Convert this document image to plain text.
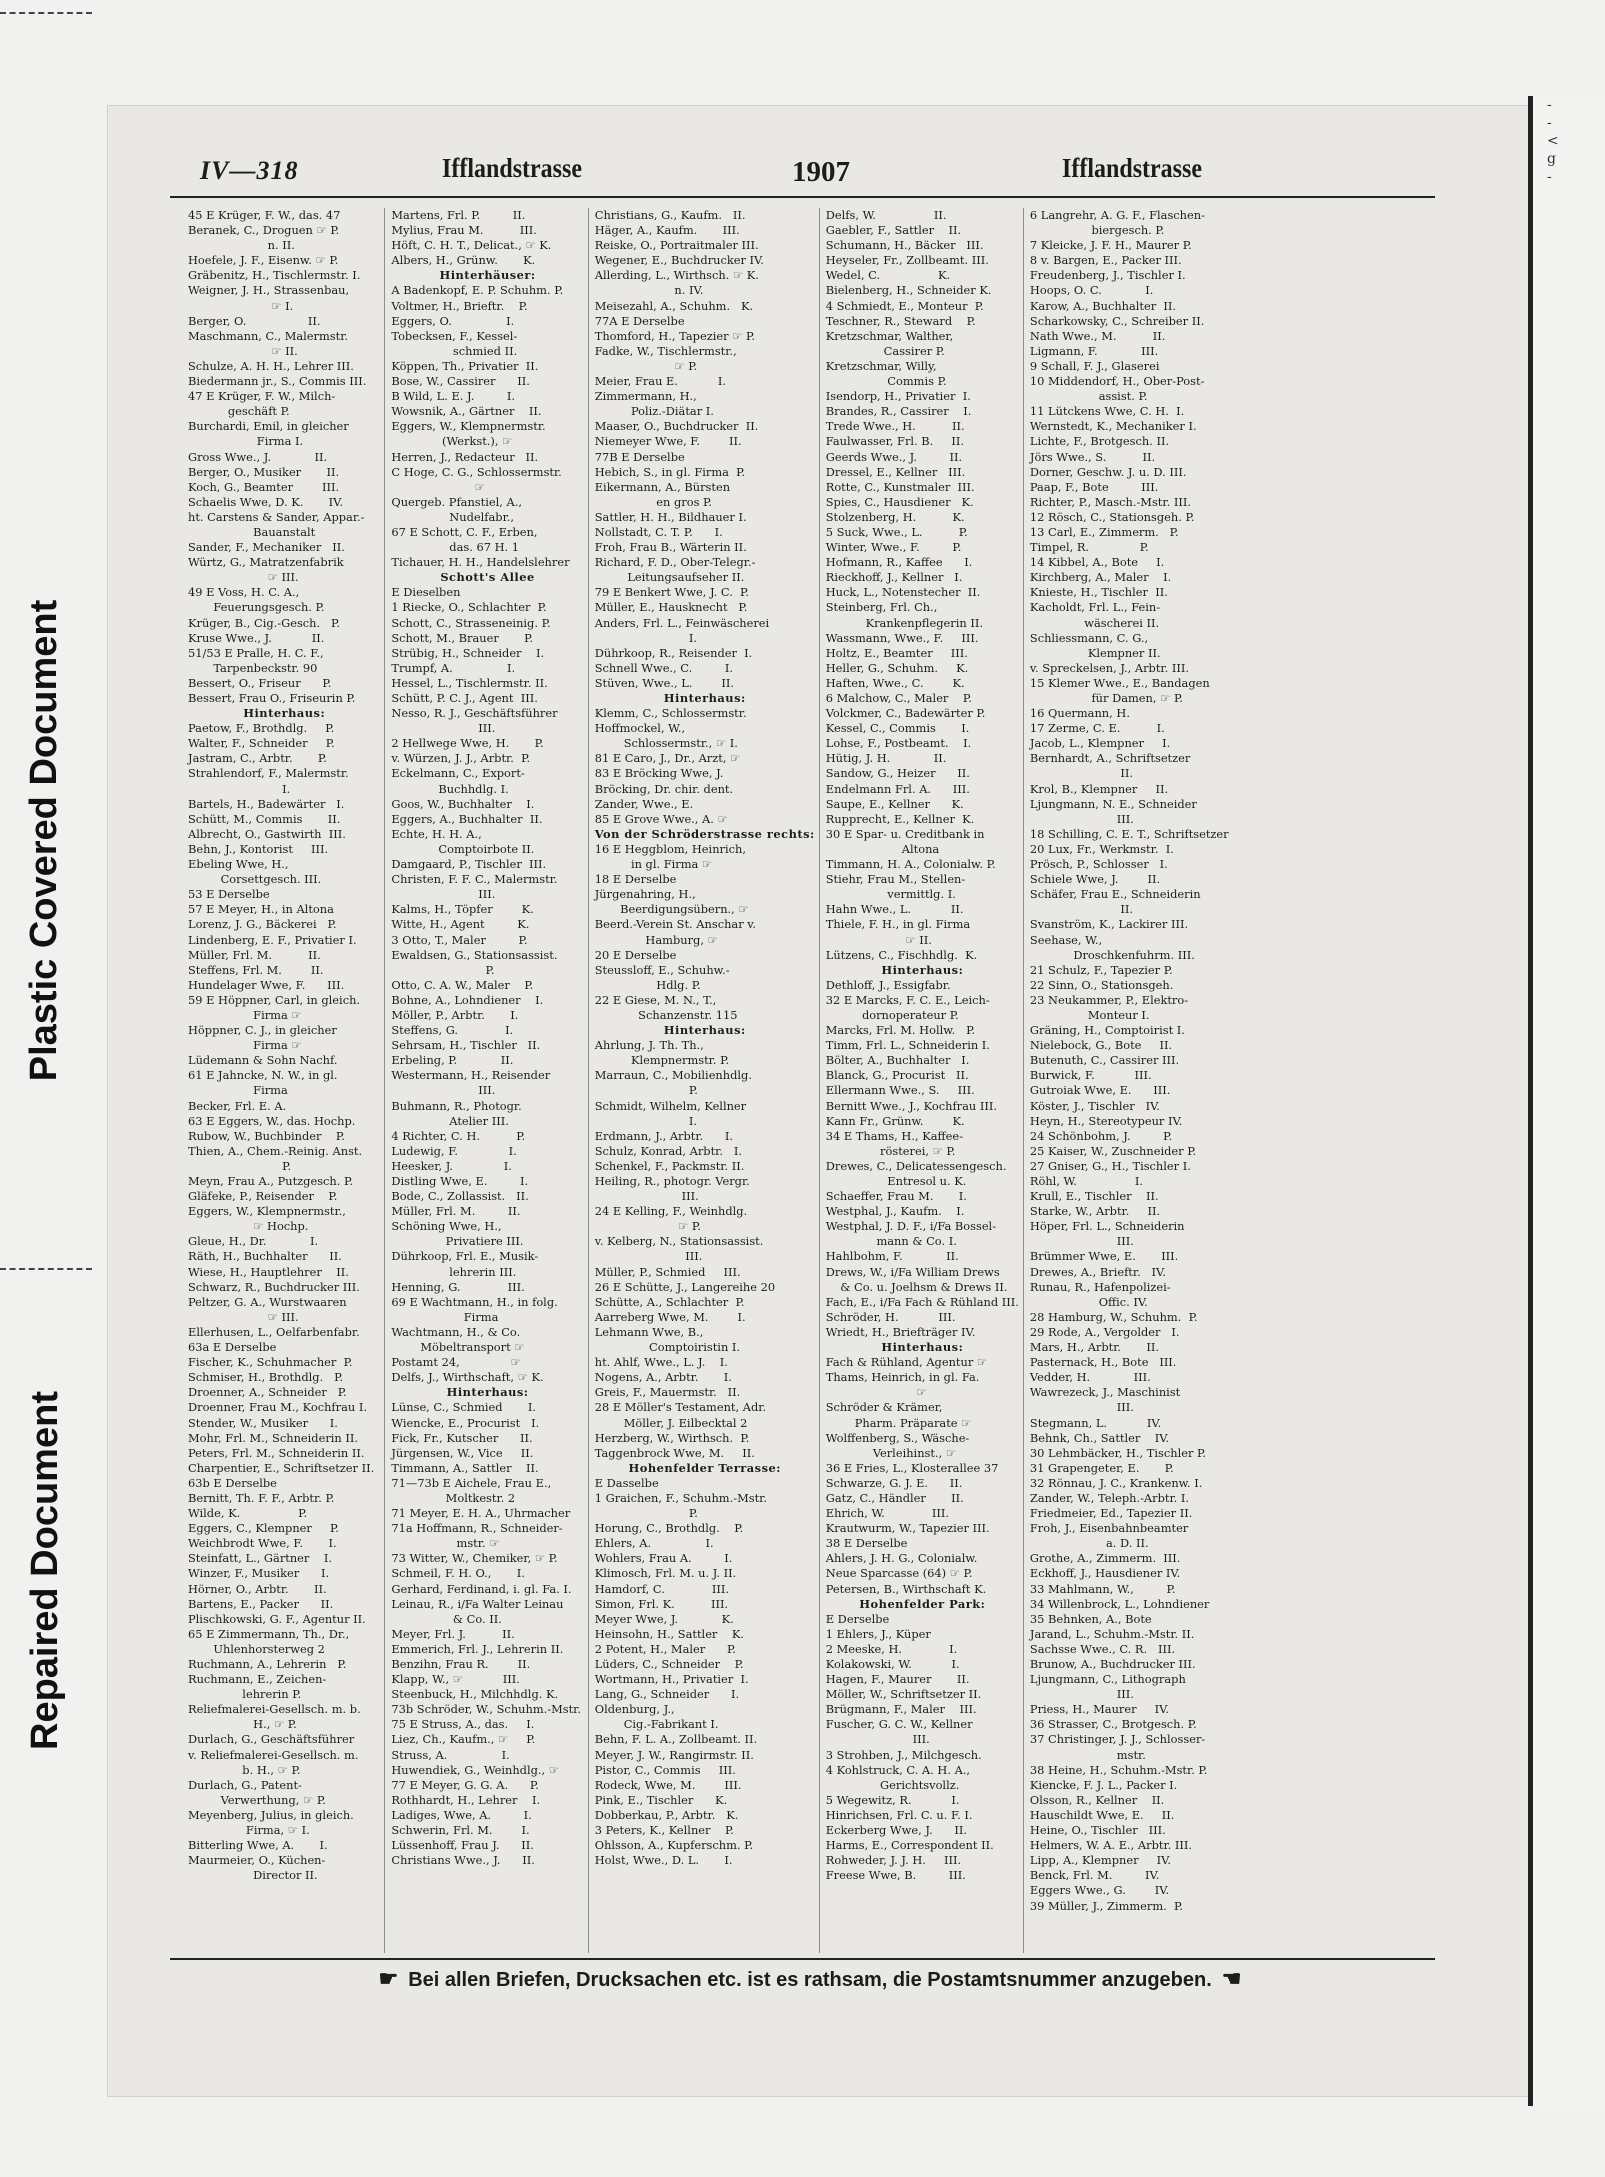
Plastic Covered Document
Repaired Document
-
-
<
g
-
IV—318	Ifflandstrasse	1907	Ifflandstrasse
45 E Krüger, F. W., das. 47
Beranek, C., Droguen ☞ P.
n. II.
Hoefele, J. F., Eisenw. ☞ P.
Gräbenitz, H., Tischlermstr. I.
Weigner, J. H., Strassenbau,
☞ I.
Berger, O.                 II.
Maschmann, C., Malermstr.
☞ II.
Schulze, A. H. H., Lehrer III.
Biedermann jr., S., Commis III.
47 E Krüger, F. W., Milch-
geschäft P.
Burchardi, Emil, in gleicher
Firma I.
Gross Wwe., J.            II.
Berger, O., Musiker       II.
Koch, G., Beamter        III.
Schaelis Wwe, D. K.       IV.
ht. Carstens & Sander, Appar.-
Bauanstalt
Sander, F., Mechaniker   II.
Würtz, G., Matratzenfabrik
☞ III.
49 E Voss, H. C. A.,
Feuerungsgesch. P.
Krüger, B., Cig.-Gesch.   P.
Kruse Wwe., J.           II.
51/53 E Pralle, H. C. F.,
Tarpenbeckstr. 90
Bessert, O., Friseur      P.
Bessert, Frau O., Friseurin P.
Hinterhaus:
Paetow, F., Brothdlg.     P.
Walter, F., Schneider     P.
Jastram, C., Arbtr.       P.
Strahlendorf, F., Malermstr.
I.
Bartels, H., Badewärter   I.
Schütt, M., Commis       II.
Albrecht, O., Gastwirth  III.
Behn, J., Kontorist     III.
Ebeling Wwe, H.,
Corsettgesch. III.
53 E Derselbe
57 E Meyer, H., in Altona
Lorenz, J. G., Bäckerei   P.
Lindenberg, E. F., Privatier I.
Müller, Frl. M.          II.
Steffens, Frl. M.        II.
Hundelager Wwe, F.      III.
59 E Höppner, Carl, in gleich.
Firma ☞
Höppner, C. J., in gleicher
Firma ☞
Lüdemann & Sohn Nachf.
61 E Jahncke, N. W., in gl.
Firma
Becker, Frl. E. A.
63 E Eggers, W., das. Hochp.
Rubow, W., Buchbinder    P.
Thien, A., Chem.-Reinig. Anst.
P.
Meyn, Frau A., Putzgesch. P.
Gläfeke, P., Reisender    P.
Eggers, W., Klempnermstr.,
☞ Hochp.
Gleue, H., Dr.            I.
Räth, H., Buchhalter      II.
Wiese, H., Hauptlehrer    II.
Schwarz, R., Buchdrucker III.
Peltzer, G. A., Wurstwaaren
☞ III.
Ellerhusen, L., Oelfarbenfabr.
63a E Derselbe
Fischer, K., Schuhmacher  P.
Schmiser, H., Brothdlg.   P.
Droenner, A., Schneider   P.
Droenner, Frau M., Kochfrau I.
Stender, W., Musiker      I.
Mohr, Frl. M., Schneiderin II.
Peters, Frl. M., Schneiderin II.
Charpentier, E., Schriftsetzer II.
63b E Derselbe
Bernitt, Th. F. F., Arbtr. P.
Wilde, K.                P.
Eggers, C., Klempner     P.
Weichbrodt Wwe, F.       I.
Steinfatt, L., Gärtner    I.
Winzer, F., Musiker      I.
Hörner, O., Arbtr.       II.
Bartens, E., Packer      II.
Plischkowski, G. F., Agentur II.
65 E Zimmermann, Th., Dr.,
Uhlenhorsterweg 2
Ruchmann, A., Lehrerin   P.
Ruchmann, E., Zeichen-
lehrerin P.
Reliefmalerei-Gesellsch. m. b.
H., ☞ P.
Durlach, G., Geschäftsführer
v. Reliefmalerei-Gesellsch. m.
b. H., ☞ P.
Durlach, G., Patent-
Verwerthung, ☞ P.
Meyenberg, Julius, in gleich.
Firma, ☞ I.
Bitterling Wwe, A.       I.
Maurmeier, O., Küchen-
Director II.
Martens, Frl. P.         II.
Mylius, Frau M.          III.
Höft, C. H. T., Delicat., ☞ K.
Albers, H., Grünw.       K.
Hinterhäuser:
A Badenkopf, E. P. Schuhm. P.
Voltmer, H., Brieftr.    P.
Eggers, O.               I.
Tobecksen, F., Kessel-
schmied II.
Köppen, Th., Privatier  II.
Bose, W., Cassirer      II.
B Wild, L. E. J.         I.
Wowsnik, A., Gärtner    II.
Eggers, W., Klempnermstr.
(Werkst.), ☞
Herren, J., Redacteur   II.
C Hoge, C. G., Schlossermstr.
☞
Quergeb. Pfanstiel, A.,
Nudelfabr.,
67 E Schott, C. F., Erben,
das. 67 H. 1
Tichauer, H. H., Handelslehrer
Schott's Allee
E Dieselben
1 Riecke, O., Schlachter  P.
Schott, C., Strasseneinig. P.
Schott, M., Brauer       P.
Strübig, H., Schneider    I.
Trumpf, A.               I.
Hessel, L., Tischlermstr. II.
Schütt, P. C. J., Agent  III.
Nesso, R. J., Geschäftsführer
III.
2 Hellwege Wwe, H.       P.
v. Würzen, J. J., Arbtr.  P.
Eckelmann, C., Export-
Buchhdlg. I.
Goos, W., Buchhalter    I.
Eggers, A., Buchhalter  II.
Echte, H. H. A.,
Comptoirbote II.
Damgaard, P., Tischler  III.
Christen, F. F. C., Malermstr.
III.
Kalms, H., Töpfer        K.
Witte, H., Agent         K.
3 Otto, T., Maler         P.
Ewaldsen, G., Stationsassist.
P.
Otto, C. A. W., Maler    P.
Bohne, A., Lohndiener    I.
Möller, P., Arbtr.       I.
Steffens, G.             I.
Sehrsam, H., Tischler   II.
Erbeling, P.            II.
Westermann, H., Reisender
III.
Buhmann, R., Photogr.
Atelier III.
4 Richter, C. H.          P.
Ludewig, F.              I.
Heesker, J.              I.
Distling Wwe, E.         I.
Bode, C., Zollassist.   II.
Müller, Frl. M.         II.
Schöning Wwe, H.,
Privatiere III.
Dührkoop, Frl. E., Musik-
lehrerin III.
Henning, G.             III.
69 E Wachtmann, H., in folg.
Firma
Wachtmann, H., & Co.
Möbeltransport ☞
Postamt 24,              ☞
Delfs, J., Wirthschaft, ☞ K.
Hinterhaus:
Lünse, C., Schmied       I.
Wiencke, E., Procurist   I.
Fick, Fr., Kutscher      II.
Jürgensen, W., Vice     II.
Timmann, A., Sattler    II.
71—73b E Aichele, Frau E.,
Moltkestr. 2
71 Meyer, E. H. A., Uhrmacher
71a Hoffmann, R., Schneider-
mstr. ☞
73 Witter, W., Chemiker, ☞ P.
Schmeil, F. H. O.,       I.
Gerhard, Ferdinand, i. gl. Fa. I.
Leinau, R., i/Fa Walter Leinau
& Co. II.
Meyer, Frl. J.          II.
Emmerich, Frl. J., Lehrerin II.
Benzihn, Frau R.        II.
Klapp, W., ☞           III.
Steenbuck, H., Milchhdlg. K.
73b Schröder, W., Schuhm.-Mstr.
75 E Struss, A., das.     I.
Liez, Ch., Kaufm., ☞     P.
Struss, A.               I.
Huwendiek, G., Weinhdlg., ☞
77 E Meyer, G. G. A.      P.
Rothhardt, H., Lehrer    I.
Ladiges, Wwe, A.         I.
Schwerin, Frl. M.        I.
Lüssenhoff, Frau J.      II.
Christians Wwe., J.      II.
Christians, G., Kaufm.   II.
Häger, A., Kaufm.       III.
Reiske, O., Portraitmaler III.
Wegener, E., Buchdrucker IV.
Allerding, L., Wirthsch. ☞ K.
n. IV.
Meisezahl, A., Schuhm.   K.
77A E Derselbe
Thomford, H., Tapezier ☞ P.
Fadke, W., Tischlermstr.,
☞ P.
Meier, Frau E.           I.
Zimmermann, H.,
Poliz.-Diätar I.
Maaser, O., Buchdrucker  II.
Niemeyer Wwe, F.        II.
77B E Derselbe
Hebich, S., in gl. Firma  P.
Eikermann, A., Bürsten
en gros P.
Sattler, H. H., Bildhauer I.
Nollstadt, C. T. P.      I.
Froh, Frau B., Wärterin II.
Richard, F. D., Ober-Telegr.-
Leitungsaufseher II.
79 E Benkert Wwe, J. C.  P.
Müller, E., Hausknecht   P.
Anders, Frl. L., Feinwäscherei
I.
Dührkoop, R., Reisender  I.
Schnell Wwe., C.         I.
Stüven, Wwe., L.        II.
Hinterhaus:
Klemm, C., Schlossermstr.
Hoffmockel, W.,
Schlossermstr., ☞ I.
81 E Caro, J., Dr., Arzt, ☞
83 E Bröcking Wwe, J.
Bröcking, Dr. chir. dent.
Zander, Wwe., E.
85 E Grove Wwe., A. ☞
Von der Schröderstrasse rechts:
16 E Heggblom, Heinrich,
in gl. Firma ☞
18 E Derselbe
Jürgenahring, H.,
Beerdigungsübern., ☞
Beerd.-Verein St. Anschar v.
Hamburg, ☞
20 E Derselbe
Steussloff, E., Schuhw.-
Hdlg. P.
22 E Giese, M. N., T.,
Schanzenstr. 115
Hinterhaus:
Ahrlung, J. Th. Th.,
Klempnermstr. P.
Marraun, C., Mobilienhdlg.
P.
Schmidt, Wilhelm, Kellner
I.
Erdmann, J., Arbtr.      I.
Schulz, Konrad, Arbtr.   I.
Schenkel, F., Packmstr. II.
Heiling, R., photogr. Vergr.
III.
24 E Kelling, F., Weinhdlg.
☞ P.
v. Kelberg, N., Stationsassist.
III.
Müller, P., Schmied     III.
26 E Schütte, J., Langereihe 20
Schütte, A., Schlachter  P.
Aarreberg Wwe, M.        I.
Lehmann Wwe, B.,
Comptoiristin I.
ht. Ahlf, Wwe., L. J.    I.
Nogens, A., Arbtr.       I.
Greis, F., Mauermstr.   II.
28 E Möller's Testament, Adr.
Möller, J. Eilbecktal 2
Herzberg, W., Wirthsch.  P.
Taggenbrock Wwe, M.     II.
Hohenfelder Terrasse:
E Dasselbe
1 Graichen, F., Schuhm.-Mstr.
P.
Horung, C., Brothdlg.    P.
Ehlers, A.               I.
Wohlers, Frau A.         I.
Klimosch, Frl. M. u. J. II.
Hamdorf, C.             III.
Simon, Frl. K.          III.
Meyer Wwe, J.            K.
Heinsohn, H., Sattler    K.
2 Potent, H., Maler      P.
Lüders, C., Schneider    P.
Wortmann, H., Privatier  I.
Lang, G., Schneider      I.
Oldenburg, J.,
Cig.-Fabrikant I.
Behn, F. L. A., Zollbeamt. II.
Meyer, J. W., Rangirmstr. II.
Pistor, C., Commis     III.
Rodeck, Wwe, M.        III.
Pink, E., Tischler      K.
Dobberkau, P., Arbtr.   K.
3 Peters, K., Kellner    P.
Ohlsson, A., Kupferschm. P.
Holst, Wwe., D. L.       I.
Delfs, W.                II.
Gaebler, F., Sattler    II.
Schumann, H., Bäcker   III.
Heyseler, Fr., Zollbeamt. III.
Wedel, C.                K.
Bielenberg, H., Schneider K.
4 Schmiedt, E., Monteur  P.
Teschner, R., Steward    P.
Kretzschmar, Walther,
Cassirer P.
Kretzschmar, Willy,
Commis P.
Isendorp, H., Privatier  I.
Brandes, R., Cassirer    I.
Trede Wwe., H.          II.
Faulwasser, Frl. B.     II.
Geerds Wwe., J.         II.
Dressel, E., Kellner   III.
Rotte, C., Kunstmaler  III.
Spies, C., Hausdiener   K.
Stolzenberg, H.          K.
5 Suck, Wwe., L.          P.
Winter, Wwe., F.         P.
Hofmann, R., Kaffee      I.
Rieckhoff, J., Kellner   I.
Huck, L., Notenstecher  II.
Steinberg, Frl. Ch.,
Krankenpflegerin II.
Wassmann, Wwe., F.     III.
Holtz, E., Beamter     III.
Heller, G., Schuhm.     K.
Haften, Wwe., C.        K.
6 Malchow, C., Maler    P.
Volckmer, C., Badewärter P.
Kessel, C., Commis       I.
Lohse, F., Postbeamt.    I.
Hütig, J. H.            II.
Sandow, G., Heizer      II.
Endelmann Frl. A.      III.
Saupe, E., Kellner      K.
Rupprecht, E., Kellner  K.
30 E Spar- u. Creditbank in
Altona
Timmann, H. A., Colonialw. P.
Stiehr, Frau M., Stellen-
vermittlg. I.
Hahn Wwe., L.           II.
Thiele, F. H., in gl. Firma
☞ II.
Lützens, C., Fischhdlg.  K.
Hinterhaus:
Dethloff, J., Essigfabr.
32 E Marcks, F. C. E., Leich-
dornoperateur P.
Marcks, Frl. M. Hollw.   P.
Timm, Frl. L., Schneiderin I.
Bölter, A., Buchhalter   I.
Blanck, G., Procurist   II.
Ellermann Wwe., S.     III.
Bernitt Wwe., J., Kochfrau III.
Kann Fr., Grünw.        K.
34 E Thams, H., Kaffee-
rösterei, ☞ P.
Drewes, C., Delicatessengesch.
Entresol u. K.
Schaeffer, Frau M.       I.
Westphal, J., Kaufm.    I.
Westphal, J. D. F., i/Fa Bossel-
mann & Co. I.
Hahlbohm, F.            II.
Drews, W., i/Fa William Drews
& Co. u. Joelhsm & Drews II.
Fach, E., i/Fa Fach & Rühland III.
Schröder, H.           III.
Wriedt, H., Briefträger IV.
Hinterhaus:
Fach & Rühland, Agentur ☞
Thams, Heinrich, in gl. Fa.
☞
Schröder & Krämer,
Pharm. Präparate ☞
Wolffenberg, S., Wäsche-
Verleihinst., ☞
36 E Fries, L., Klosterallee 37
Schwarze, G. J. E.      II.
Gatz, C., Händler       II.
Ehrich, W.             III.
Krautwurm, W., Tapezier III.
38 E Derselbe
Ahlers, J. H. G., Colonialw.
Neue Sparcasse (64) ☞ P.
Petersen, B., Wirthschaft K.
Hohenfelder Park:
E Derselbe
1 Ehlers, J., Küper
2 Meeske, H.             I.
Kolakowski, W.           I.
Hagen, F., Maurer       II.
Möller, W., Schriftsetzer II.
Brügmann, F., Maler    III.
Fuscher, G. C. W., Kellner
III.
3 Strohben, J., Milchgesch.
4 Kohlstruck, C. A. H. A.,
Gerichtsvollz.
5 Wegewitz, R.           I.
Hinrichsen, Frl. C. u. F. I.
Eckerberg Wwe, J.      II.
Harms, E., Correspondent II.
Rohweder, J. J. H.     III.
Freese Wwe, B.         III.
6 Langrehr, A. G. F., Flaschen-
biergesch. P.
7 Kleicke, J. F. H., Maurer P.
8 v. Bargen, E., Packer III.
Freudenberg, J., Tischler I.
Hoops, O. C.            I.
Karow, A., Buchhalter  II.
Scharkowsky, C., Schreiber II.
Nath Wwe., M.          II.
Ligmann, F.            III.
9 Schall, F. J., Glaserei
10 Middendorf, H., Ober-Post-
assist. P.
11 Lütckens Wwe, C. H.  I.
Wernstedt, K., Mechaniker I.
Lichte, F., Brotgesch. II.
Jörs Wwe., S.          II.
Dorner, Geschw. J. u. D. III.
Paap, F., Bote         III.
Richter, P., Masch.-Mstr. III.
12 Rösch, C., Stationsgeh. P.
13 Carl, E., Zimmerm.   P.
Timpel, R.              P.
14 Kibbel, A., Bote     I.
Kirchberg, A., Maler    I.
Knieste, H., Tischler  II.
Kacholdt, Frl. L., Fein-
wäscherei II.
Schliessmann, C. G.,
Klempner II.
v. Spreckelsen, J., Arbtr. III.
15 Klemer Wwe., E., Bandagen
für Damen, ☞ P.
16 Quermann, H.
17 Zerme, C. E.          I.
Jacob, L., Klempner     I.
Bernhardt, A., Schriftsetzer
II.
Krol, B., Klempner     II.
Ljungmann, N. E., Schneider
III.
18 Schilling, C. E. T., Schriftsetzer
20 Lux, Fr., Werkmstr.  I.
Prösch, P., Schlosser   I.
Schiele Wwe, J.        II.
Schäfer, Frau E., Schneiderin
II.
Svanström, K., Lackirer III.
Seehase, W.,
Droschkenfuhrm. III.
21 Schulz, F., Tapezier P.
22 Sinn, O., Stationsgeh.
23 Neukammer, P., Elektro-
Monteur I.
Gräning, H., Comptoirist I.
Nielebock, G., Bote     II.
Butenuth, C., Cassirer III.
Burwick, F.           III.
Gutroiak Wwe, E.      III.
Köster, J., Tischler   IV.
Heyn, H., Stereotypeur IV.
24 Schönbohm, J.         P.
25 Kaiser, W., Zuschneider P.
27 Gniser, G., H., Tischler I.
Röhl, W.                I.
Krull, E., Tischler    II.
Starke, W., Arbtr.     II.
Höper, Frl. L., Schneiderin
III.
Brümmer Wwe, E.       III.
Drewes, A., Brieftr.   IV.
Runau, R., Hafenpolizei-
Offic. IV.
28 Hamburg, W., Schuhm.  P.
29 Rode, A., Vergolder   I.
Mars, H., Arbtr.       II.
Pasternack, H., Bote   III.
Vedder, H.            III.
Wawrezeck, J., Maschinist
III.
Stegmann, L.           IV.
Behnk, Ch., Sattler    IV.
30 Lehmbäcker, H., Tischler P.
31 Grapengeter, E.       P.
32 Rönnau, J. C., Krankenw. I.
Zander, W., Teleph.-Arbtr. I.
Friedmeier, Ed., Tapezier II.
Froh, J., Eisenbahnbeamter
a. D. II.
Grothe, A., Zimmerm.  III.
Eckhoff, J., Hausdiener IV.
33 Mahlmann, W.,         P.
34 Willenbrock, L., Lohndiener
35 Behnken, A., Bote
Jarand, L., Schuhm.-Mstr. II.
Sachsse Wwe., C. R.   III.
Brunow, A., Buchdrucker III.
Ljungmann, C., Lithograph
III.
Priess, H., Maurer     IV.
36 Strasser, C., Brotgesch. P.
37 Christinger, J. J., Schlosser-
mstr.
38 Heine, H., Schuhm.-Mstr. P.
Kiencke, F. J. L., Packer I.
Olsson, R., Kellner    II.
Hauschildt Wwe, E.     II.
Heine, O., Tischler   III.
Helmers, W. A. E., Arbtr. III.
Lipp, A., Klempner     IV.
Benck, Frl. M.         IV.
Eggers Wwe., G.        IV.
39 Müller, J., Zimmerm.  P.
☛ Bei allen Briefen, Drucksachen etc. ist es rathsam, die Postamtsnummer anzugeben. ☚
